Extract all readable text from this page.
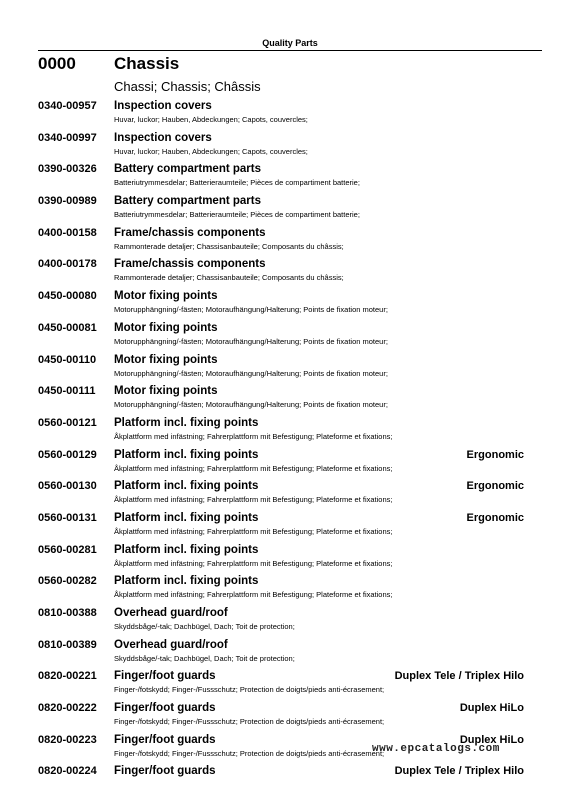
Quality Parts
0000 Chassis
Chassi; Chassis; Châssis
0340-00957 Inspection covers
Huvar, luckor; Hauben, Abdeckungen; Capots, couvercles;
0340-00997 Inspection covers
Huvar, luckor; Hauben, Abdeckungen; Capots, couvercles;
0390-00326 Battery compartment parts
Batteriutrymmesdelar; Batterieraumteile; Pièces de compartiment batterie;
0390-00989 Battery compartment parts
Batteriutrymmesdelar; Batterieraumteile; Pièces de compartiment batterie;
0400-00158 Frame/chassis components
Rammonterade detaljer; Chassisanbauteile; Composants du châssis;
0400-00178 Frame/chassis components
Rammonterade detaljer; Chassisanbauteile; Composants du châssis;
0450-00080 Motor fixing points
Motorupphängning/-fästen; Motoraufhängung/Halterung; Points de fixation moteur;
0450-00081 Motor fixing points
Motorupphängning/-fästen; Motoraufhängung/Halterung; Points de fixation moteur;
0450-00110 Motor fixing points
Motorupphängning/-fästen; Motoraufhängung/Halterung; Points de fixation moteur;
0450-00111 Motor fixing points
Motorupphängning/-fästen; Motoraufhängung/Halterung; Points de fixation moteur;
0560-00121 Platform incl. fixing points
Åkplattform med infästning; Fahrerplattform mit Befestigung; Plateforme et fixations;
0560-00129 Platform incl. fixing points	Ergonomic
Åkplattform med infästning; Fahrerplattform mit Befestigung; Plateforme et fixations;
0560-00130 Platform incl. fixing points	Ergonomic
Åkplattform med infästning; Fahrerplattform mit Befestigung; Plateforme et fixations;
0560-00131 Platform incl. fixing points	Ergonomic
Åkplattform med infästning; Fahrerplattform mit Befestigung; Plateforme et fixations;
0560-00281 Platform incl. fixing points
Åkplattform med infästning; Fahrerplattform mit Befestigung; Plateforme et fixations;
0560-00282 Platform incl. fixing points
Åkplattform med infästning; Fahrerplattform mit Befestigung; Plateforme et fixations;
0810-00388 Overhead guard/roof
Skyddsbåge/-tak; Dachbügel, Dach; Toit de protection;
0810-00389 Overhead guard/roof
Skyddsbåge/-tak; Dachbügel, Dach; Toit de protection;
0820-00221 Finger/foot guards	Duplex Tele / Triplex Hilo
Finger-/fotskydd; Finger-/Fussschutz; Protection de doigts/pieds anti-écrasement;
0820-00222 Finger/foot guards	Duplex HiLo
Finger-/fotskydd; Finger-/Fussschutz; Protection de doigts/pieds anti-écrasement;
0820-00223 Finger/foot guards	Duplex HiLo
Finger-/fotskydd; Finger-/Fussschutz; Protection de doigts/pieds anti-écrasement;
0820-00224 Finger/foot guards	Duplex Tele / Triplex Hilo
www.epcatalogs.com
